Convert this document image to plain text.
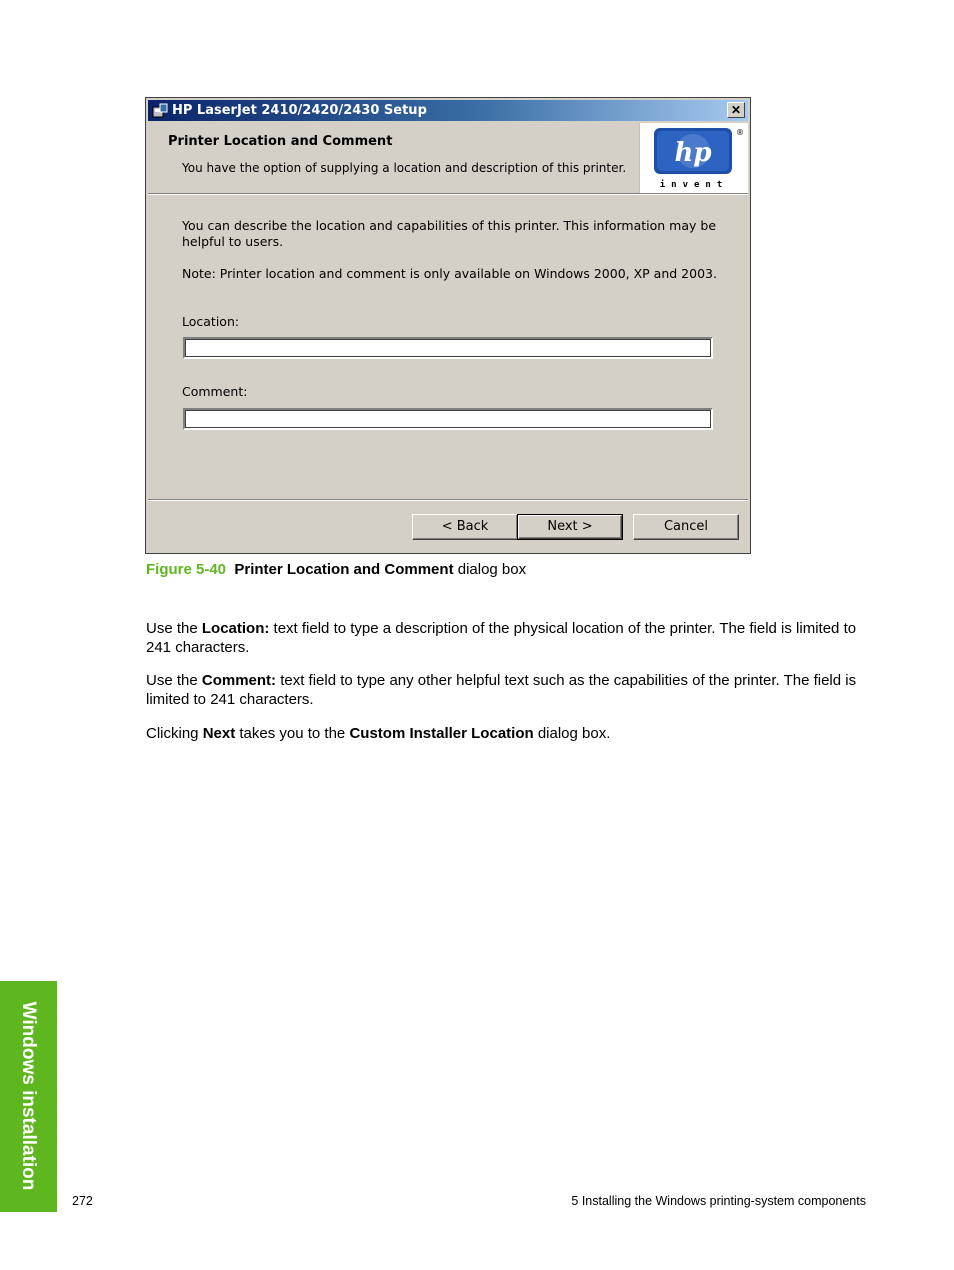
HP LaserJet 2410/2420/2430 Setup	✕
Printer Location and Comment
You have the option of supplying a location and description of this printer. hp
®
invent
You can describe the location and capabilities of this printer. This information may be helpful to users.
Note: Printer location and comment is only available on Windows 2000, XP and 2003.
Location:
Comment:
< Back	Next >	Cancel
Figure 5-40 Printer Location and Comment dialog box
Use the Location: text field to type a description of the physical location of the printer. The field is limited to 241 characters.
Use the Comment: text field to type any other helpful text such as the capabilities of the printer. The field is limited to 241 characters.
Clicking Next takes you to the Custom Installer Location dialog box.
Windows installation
272	5 Installing the Windows printing-system components
